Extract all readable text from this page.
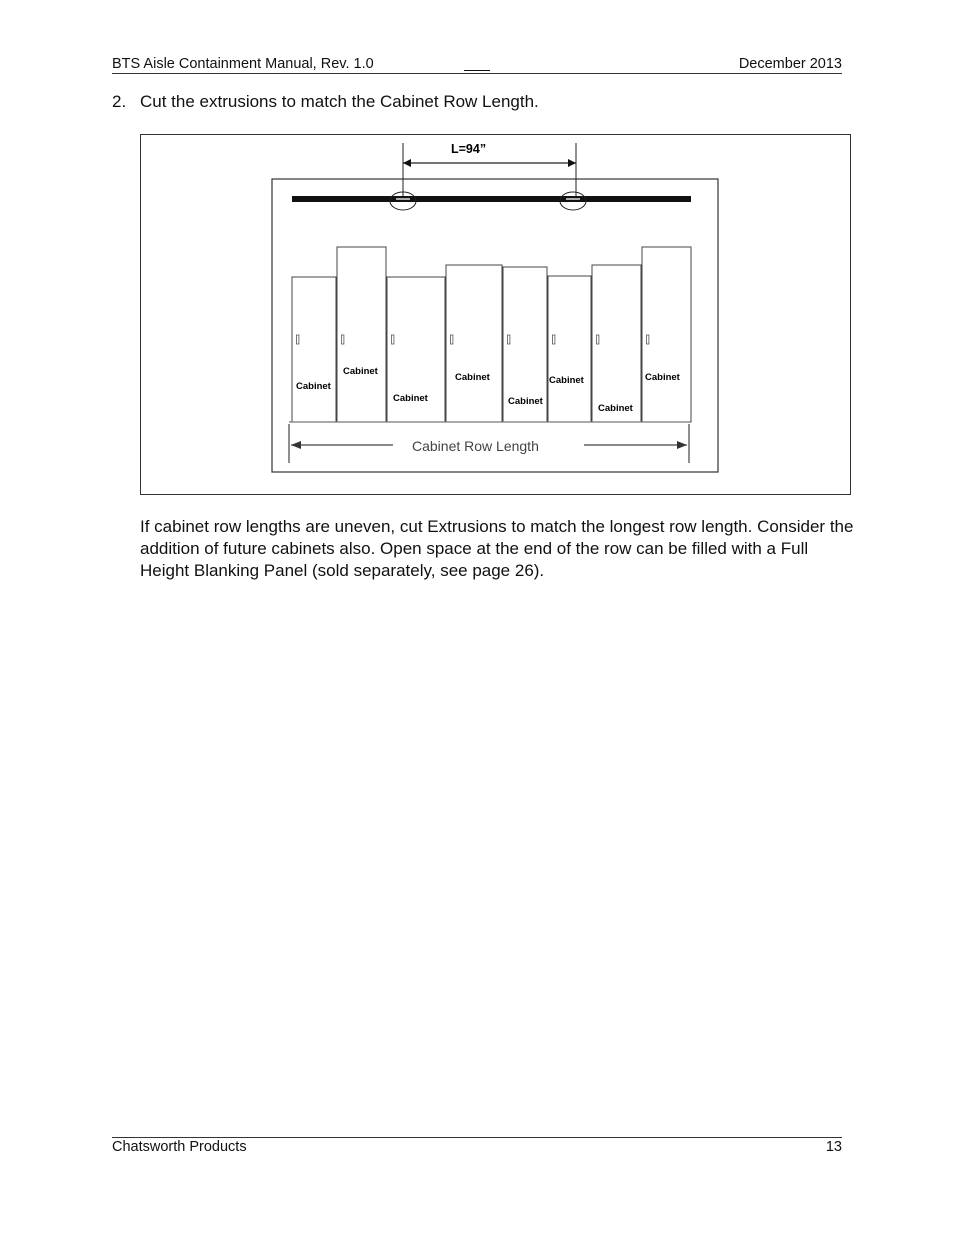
BTS Aisle Containment Manual, Rev. 1.0	December 2013
2. Cut the extrusions to match the Cabinet Row Length.
L=94”
Cabinet
Cabinet
Cabinet
Cabinet
Cabinet
Cabinet
Cabinet
Cabinet
Cabinet Row Length
If cabinet row lengths are uneven, cut Extrusions to match the longest row length. Consider the addition of future cabinets also. Open space at the end of the row can be filled with a Full Height Blanking Panel (sold separately, see page 26).
Chatsworth Products	13
